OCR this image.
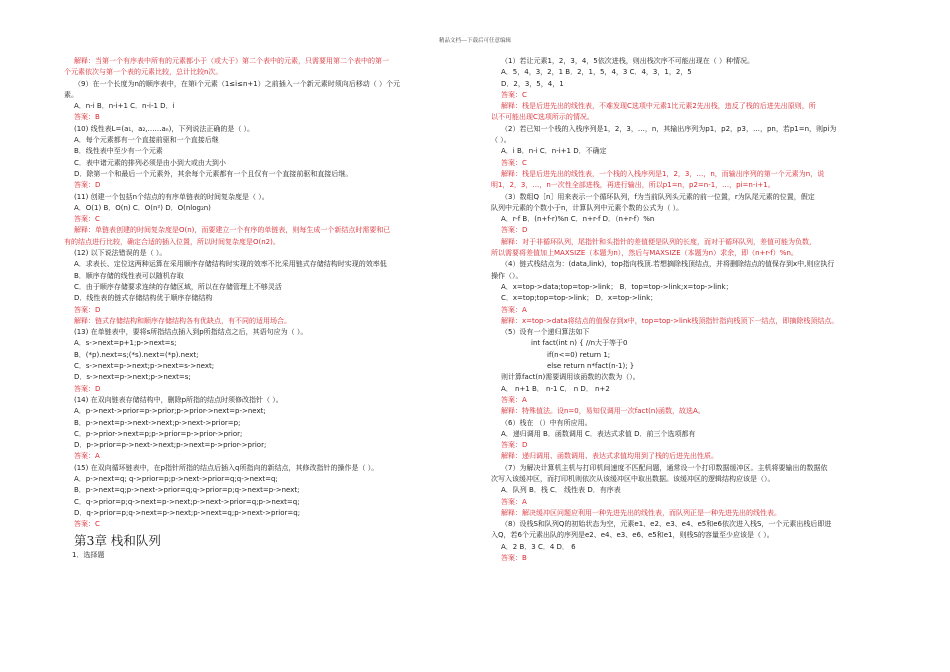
精品文档---下载后可任意编辑
解释：当第一个有序表中所有的元素都小于（或大于）第二个表中的元素，只需要用第二个表中的第一
个元素依次与第一个表的元素比较，总计比较n次。
（9）在一个长度为n的顺序表中，在第i个元素（1≤i≤n+1）之前插入一个新元素时须向后移动（ ）个元
素。
A．n-i B．n-i+1 C．n-i-1 D．i
答案：B
(10) 线性表L=(a₁，a₂,……aₙ)，下列说法正确的是（ ）。
A．每个元素都有一个直接前驱和一个直接后继
B．线性表中至少有一个元素
C．表中诸元素的排列必须是由小到大或由大到小
D．除第一个和最后一个元素外，其余每个元素都有一个且仅有一个直接前驱和直接后继。
答案：D
(11) 创建一个包括n个结点的有序单链表的时间复杂度是（ ）。
A．O(1) B．O(n) C．O(n²) D．O(nlog₂n)
答案：C
解释：单链表创建的时间复杂度是O(n)，而要建立一个有序的单链表，则每生成一个新结点时需要和已
有的结点进行比较，确定合适的插入位置，所以时间复杂度是O(n2)。
(12) 以下说法错误的是（ ）。
A．求表长、定位这两种运算在采用顺序存储结构时实现的效率不比采用链式存储结构时实现的效率低
B．顺序存储的线性表可以随机存取
C．由于顺序存储要求连续的存储区域，所以在存储管理上不够灵活
D．线性表的链式存储结构优于顺序存储结构
答案：D
解释：链式存储结构和顺序存储结构各有优缺点，有不同的适用场合。
(13) 在单链表中，要将s所指结点插入到p所指结点之后，其语句应为（ ）。
A．s->next=p+1;p->next=s;
B．(*p).next=s;(*s).next=(*p).next;
C．s->next=p->next;p->next=s->next;
D．s->next=p->next;p->next=s;
答案：D
(14) 在双向链表存储结构中，删除p所指的结点时须修改指针（ ）。
A．p->next->prior=p->prior;p->prior->next=p->next;
B．p->next=p->next->next;p->next->prior=p;
C．p->prior->next=p;p->prior=p->prior->prior;
D．p->prior=p->next->next;p->next=p->prior->prior;
答案：A
(15) 在双向循环链表中，在p指针所指的结点后插入q所指向的新结点，其修改指针的操作是（ ）。
A．p->next=q; q->prior=p;p->next->prior=q;q->next=q;
B．p->next=q;p->next->prior=q;q->prior=p;q->next=p->next;
C．q->prior=p;q->next=p->next;p->next->prior=q;p->next=q;
D．q->prior=p;q->next=p->next;p->next=q;p->next->prior=q;
答案：C
第3章 栈和队列
1．选择题
（1）若让元素1，2，3，4，5依次进栈，则出栈次序不可能出现在（ ）种情况。
A．5，4，3，2，1 B．2，1，5，4，3 C．4，3，1，2，5
D．2，3，5，4，1
答案：C
解释：栈是后进先出的线性表，不难发现C选项中元素1比元素2先出栈，违反了栈的后进先出原则，所
以不可能出现C选项所示的情况。
（2）若已知一个栈的入栈序列是1，2，3，…，n，其输出序列为p1，p2，p3，…，pn，若p1=n，则pi为
（ ）。
A．i B．n-i C．n-i+1 D．不确定
答案：C
解释：栈是后进先出的线性表，一个栈的入栈序列是1，2，3，…，n，而输出序列的第一个元素为n，说
明1，2，3，…，n一次性全部进栈，再进行输出，所以p1=n，p2=n-1，…，pi=n-i+1。
（3）数组Q［n］用来表示一个循环队列，f为当前队列头元素的前一位置，r为队尾元素的位置，假定
队列中元素的个数小于n，计算队列中元素个数的公式为（ ）。
A．r-f B．(n+f-r)%n C．n+r-f D．（n+r-f）%n
答案：D
解释：对于非循环队列，尾指针和头指针的差值便是队列的长度，而对于循环队列，差值可能为负数，
所以需要将差值加上MAXSIZE（本题为n），然后与MAXSIZE（本题为n）求余，即（n+r-f）%n。
（4）链式栈结点为：(data,link)，top指向栈顶.若想摘除栈顶结点，并将删除结点的值保存到x中,则应执行
操作（）。
A．x=top->data;top=top->link； B．top=top->link;x=top->link；
C．x=top;top=top->link； D．x=top->link；
答案：A
解释：x=top->data将结点的值保存到x中，top=top->link栈顶指针指向栈顶下一结点，即摘除栈顶结点。
（5）设有一个递归算法如下
int fact(int n) { //n大于等于0
if(n<=0) return 1;
else return n*fact(n-1); }
则计算fact(n)需要调用该函数的次数为（）。
A． n+1 B． n-1 C． n D． n+2
答案：A
解释：特殊值法。设n=0，易知仅调用一次fact(n)函数，故选A。
（6）栈在 （）中有所应用。
A．递归调用 B．函数调用 C．表达式求值 D．前三个选项都有
答案：D
解释：递归调用、函数调用、表达式求值均用到了栈的后进先出性质。
（7）为解决计算机主机与打印机间速度不匹配问题，通常设一个打印数据缓冲区。主机将要输出的数据依
次写入该缓冲区，而打印机则依次从该缓冲区中取出数据。该缓冲区的逻辑结构应该是（）。
A．队列 B．栈 C． 线性表 D．有序表
答案：A
解释：解决缓冲区问题应利用一种先进先出的线性表，而队列正是一种先进先出的线性表。
（8）设栈S和队列Q的初始状态为空，元素e1、e2、e3、e4、e5和e6依次进入栈S，一个元素出栈后即进
入Q，若6个元素出队的序列是e2、e4、e3、e6、e5和e1，则栈S的容量至少应该是（ ）。
A．2 B．3 C．4 D． 6
答案：B
